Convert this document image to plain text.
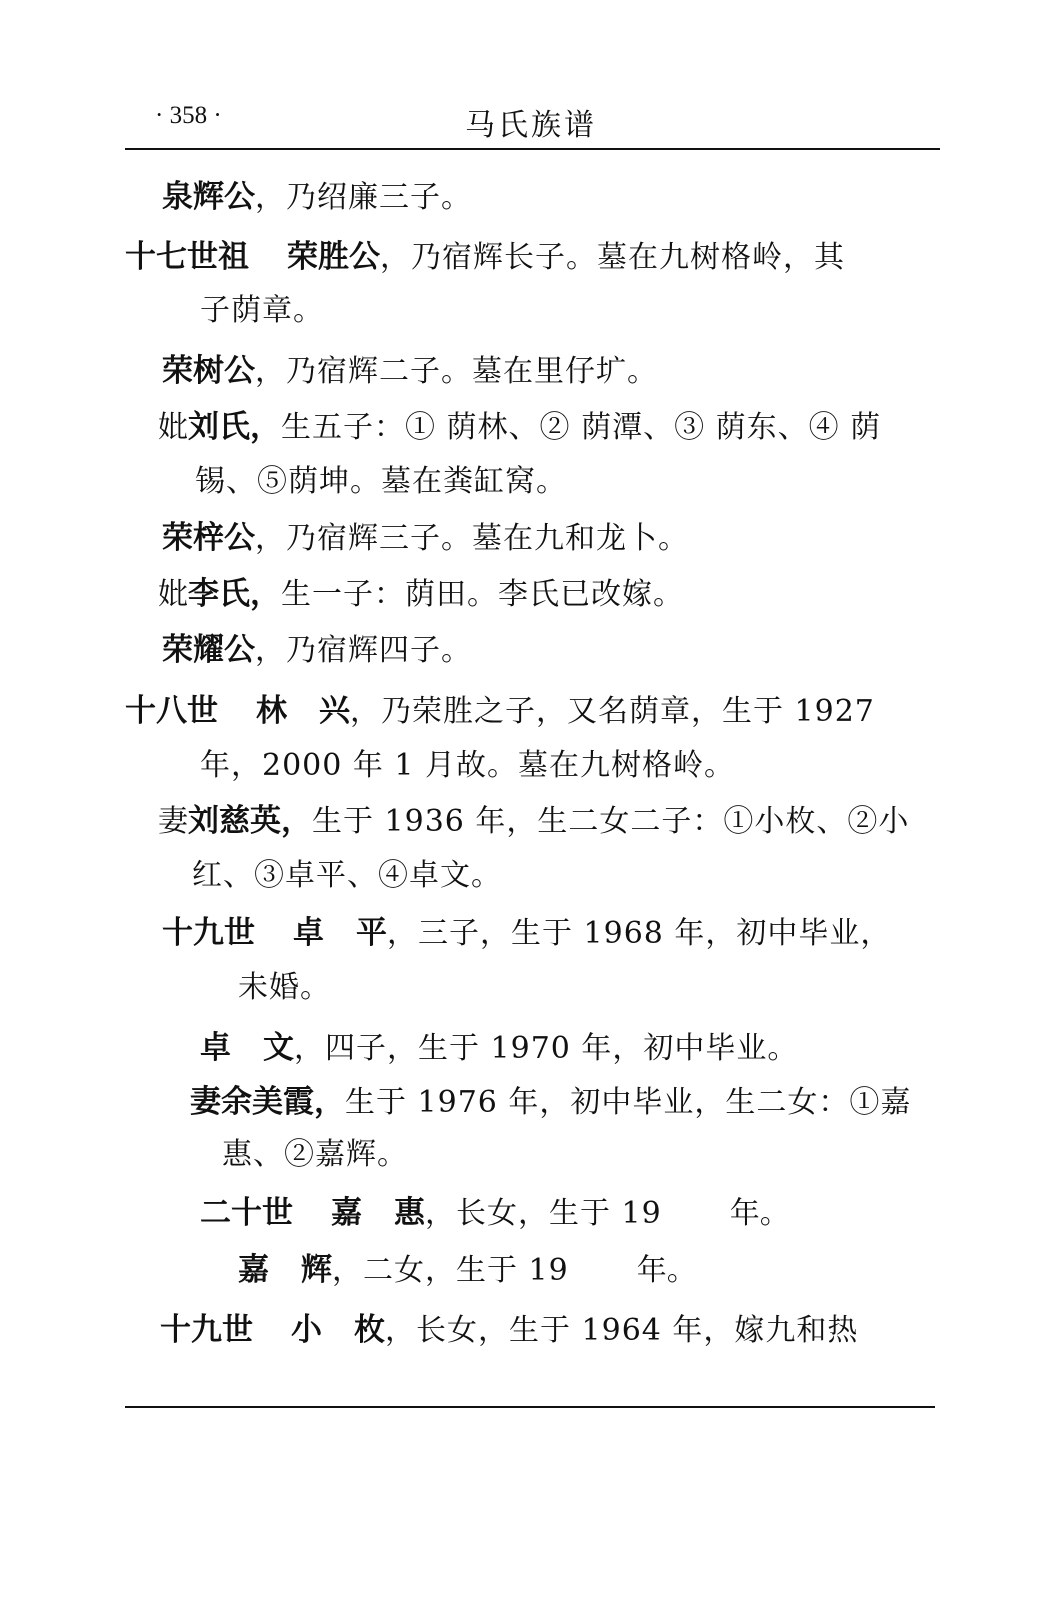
· 358 ·	马氏族谱
泉辉公，乃绍廉三子。
十七世祖 荣胜公，乃宿辉长子。墓在九树格岭，其
子荫章。
荣树公，乃宿辉二子。墓在里仔圹。
妣刘氏，生五子：① 荫林、② 荫潭、③ 荫东、④ 荫
锡、⑤荫坤。墓在粪缸窝。
荣梓公，乃宿辉三子。墓在九和龙卜。
妣李氏，生一子：荫田。李氏已改嫁。
荣耀公，乃宿辉四子。
十八世 林 兴，乃荣胜之子，又名荫章，生于 1927
年，2000 年 1 月故。墓在九树格岭。
妻刘慈英，生于 1936 年，生二女二子：①小枚、②小
红、③卓平、④卓文。
十九世 卓 平，三子，生于 1968 年，初中毕业，
未婚。
卓 文，四子，生于 1970 年，初中毕业。
妻余美霞，生于 1976 年，初中毕业，生二女：①嘉
惠、②嘉辉。
二十世 嘉 惠，长女，生于 19 年。
嘉 辉，二女，生于 19 年。
十九世 小 枚，长女，生于 1964 年，嫁九和热
